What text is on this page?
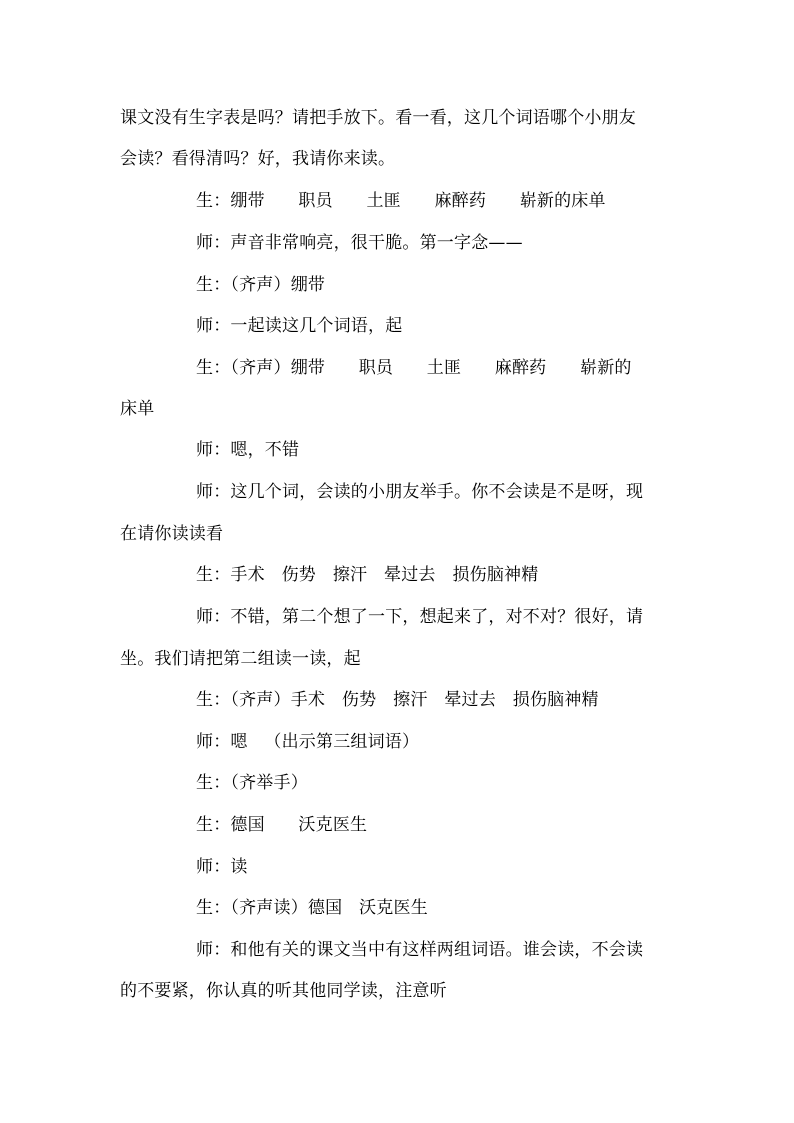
课文没有生字表是吗？请把手放下。看一看，这几个词语哪个小朋友
会读？看得清吗？好，我请你来读。
生：绷带      职员      土匪      麻醉药      崭新的床单
师：声音非常响亮，很干脆。第一字念——
生：（齐声）绷带
师：一起读这几个词语，起
生：（齐声）绷带      职员      土匪      麻醉药      崭新的
床单
师：嗯，不错
师：这几个词，会读的小朋友举手。你不会读是不是呀，现
在请你读读看
生：手术   伤势   擦汗   晕过去   损伤脑神精
师：不错，第二个想了一下，想起来了，对不对？很好，请
坐。我们请把第二组读一读，起
生：（齐声）手术   伤势   擦汗   晕过去   损伤脑神精
师：嗯   （出示第三组词语）
生：（齐举手）
生：德国      沃克医生
师：读
生：（齐声读）德国   沃克医生
师：和他有关的课文当中有这样两组词语。谁会读，不会读
的不要紧，你认真的听其他同学读，注意听
